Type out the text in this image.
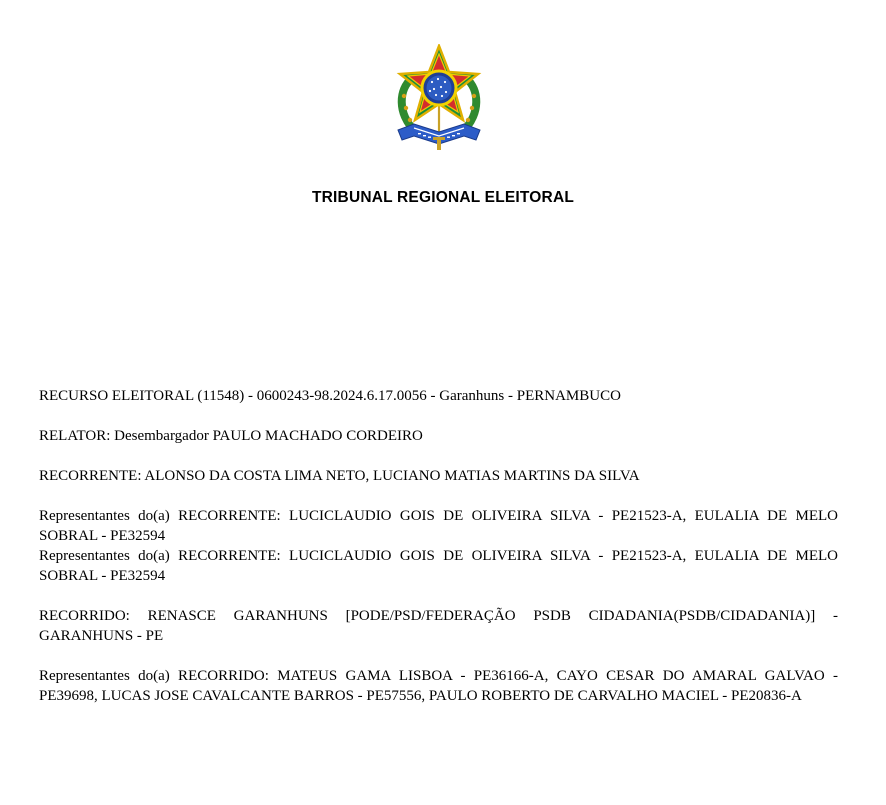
TRIBUNAL REGIONAL ELEITORAL

RECURSO ELEITORAL (11548) - 0600243-98.2024.6.17.0056 - Garanhuns - PERNAMBUCO

RELATOR: Desembargador PAULO MACHADO CORDEIRO

RECORRENTE: ALONSO DA COSTA LIMA NETO, LUCIANO MATIAS MARTINS DA SILVA

Representantes do(a) RECORRENTE: LUCICLAUDIO GOIS DE OLIVEIRA SILVA - PE21523-A, EULALIA DE MELO SOBRAL - PE32594

Representantes do(a) RECORRENTE: LUCICLAUDIO GOIS DE OLIVEIRA SILVA - PE21523-A, EULALIA DE MELO SOBRAL - PE32594

RECORRIDO: RENASCE GARANHUNS [PODE/PSD/FEDERAÇÃO PSDB CIDADANIA(PSDB/CIDADANIA)] - GARANHUNS - PE

Representantes do(a) RECORRIDO: MATEUS GAMA LISBOA - PE36166-A, CAYO CESAR DO AMARAL GALVAO - PE39698, LUCAS JOSE CAVALCANTE BARROS - PE57556, PAULO ROBERTO DE CARVALHO MACIEL - PE20836-A
